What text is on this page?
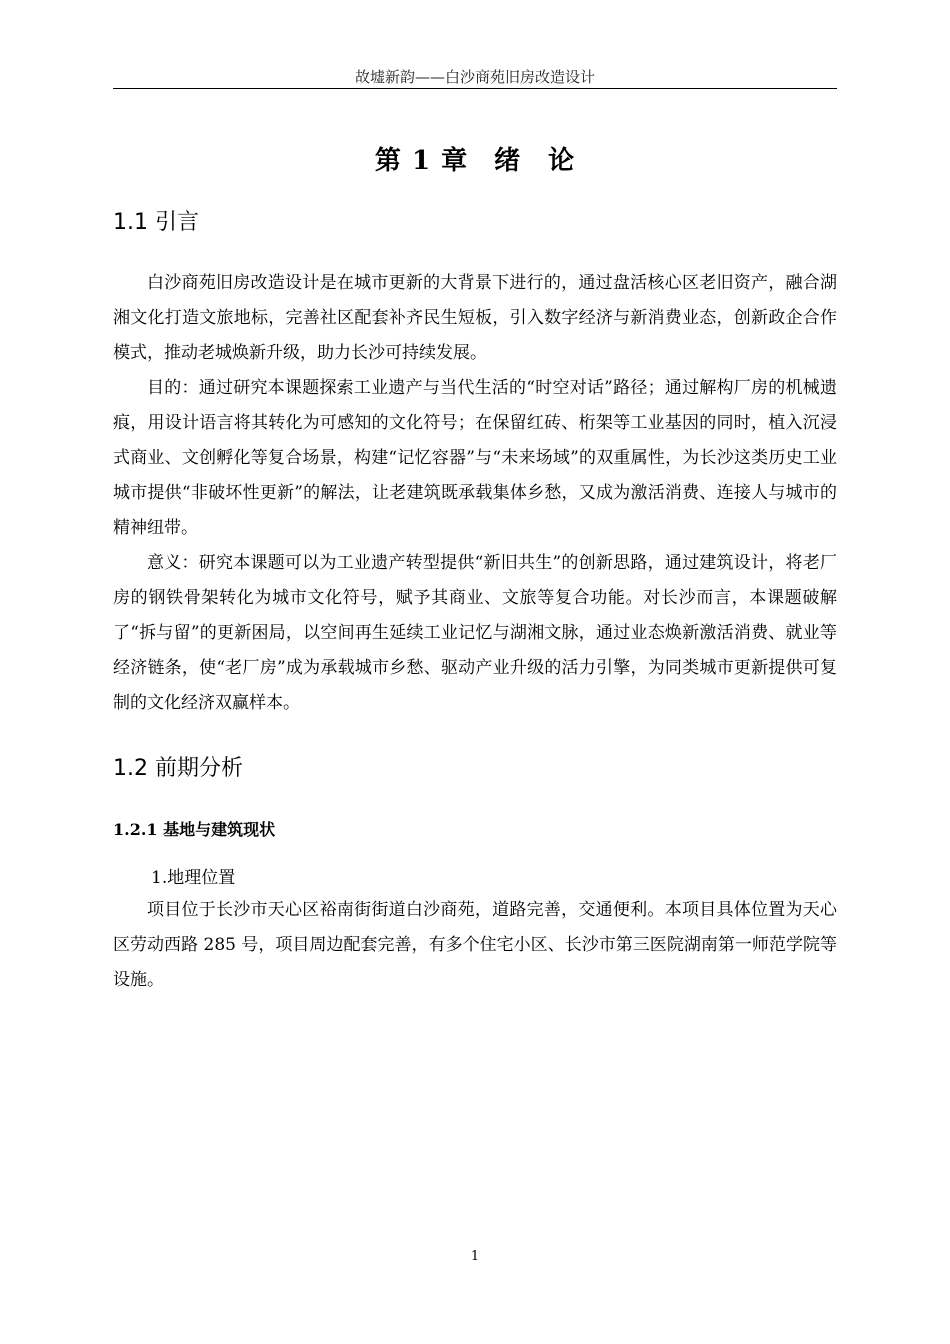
故墟新韵——白沙商苑旧房改造设计
第 1 章 绪　论
1.1 引言

白沙商苑旧房改造设计是在城市更新的大背景下进行的，通过盘活核心区老旧资产，融合湖湘文化打造文旅地标，完善社区配套补齐民生短板，引入数字经济与新消费业态，创新政企合作模式，推动老城焕新升级，助力长沙可持续发展。

目的：通过研究本课题探索工业遗产与当代生活的“时空对话”路径；通过解构厂房的机械遗痕，用设计语言将其转化为可感知的文化符号；在保留红砖、桁架等工业基因的同时，植入沉浸式商业、文创孵化等复合场景，构建“记忆容器”与“未来场域”的双重属性，为长沙这类历史工业城市提供“非破坏性更新”的解法，让老建筑既承载集体乡愁，又成为激活消费、连接人与城市的精神纽带。

意义：研究本课题可以为工业遗产转型提供“新旧共生”的创新思路，通过建筑设计，将老厂房的钢铁骨架转化为城市文化符号，赋予其商业、文旅等复合功能。对长沙而言，本课题破解了“拆与留”的更新困局，以空间再生延续工业记忆与湖湘文脉，通过业态焕新激活消费、就业等经济链条，使“老厂房”成为承载城市乡愁、驱动产业升级的活力引擎，为同类城市更新提供可复制的文化经济双赢样本。

1.2 前期分析
1.2.1 基地与建筑现状
1.地理位置

项目位于长沙市天心区裕南街街道白沙商苑，道路完善，交通便利。本项目具体位置为天心区劳动西路 285 号，项目周边配套完善，有多个住宅小区、长沙市第三医院湖南第一师范学院等设施。

1
